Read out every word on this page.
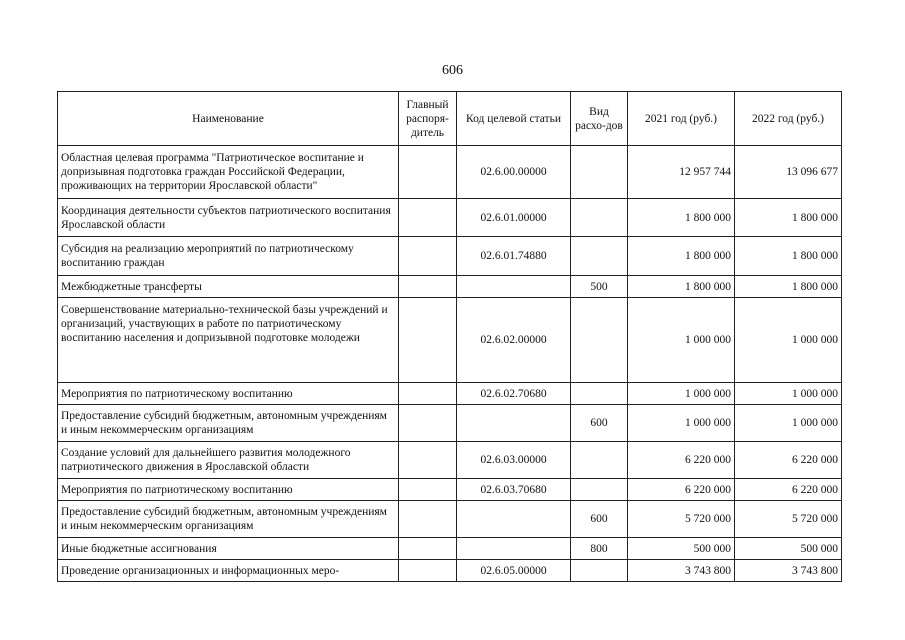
606
Наименование	Главный распоря-дитель	Код целевой статьи	Вид расхо-дов	2021 год (руб.)	2022 год (руб.)
Областная целевая программа "Патриотическое воспитание и допризывная подготовка граждан Российской Федерации, проживающих на территории Ярославской области"		02.6.00.00000		12 957 744	13 096 677
Координация деятельности субъектов патриотического воспитания Ярославской области		02.6.01.00000		1 800 000	1 800 000
Субсидия на реализацию мероприятий по патриотическому воспитанию граждан		02.6.01.74880		1 800 000	1 800 000
Межбюджетные трансферты			500	1 800 000	1 800 000
Совершенствование материально-технической базы учреждений и организаций, участвующих в работе по патриотическому воспитанию населения и допризывной подготовке молодежи		02.6.02.00000		1 000 000	1 000 000
Мероприятия по патриотическому воспитанию		02.6.02.70680		1 000 000	1 000 000
Предоставление субсидий бюджетным, автономным учреждениям и иным некоммерческим организациям			600	1 000 000	1 000 000
Создание условий для дальнейшего развития молодежного патриотического движения в Ярославской области		02.6.03.00000		6 220 000	6 220 000
Мероприятия по патриотическому воспитанию		02.6.03.70680		6 220 000	6 220 000
Предоставление субсидий бюджетным, автономным учреждениям и иным некоммерческим организациям			600	5 720 000	5 720 000
Иные бюджетные ассигнования			800	500 000	500 000
Проведение организационных и информационных меро-		02.6.05.00000		3 743 800	3 743 800
